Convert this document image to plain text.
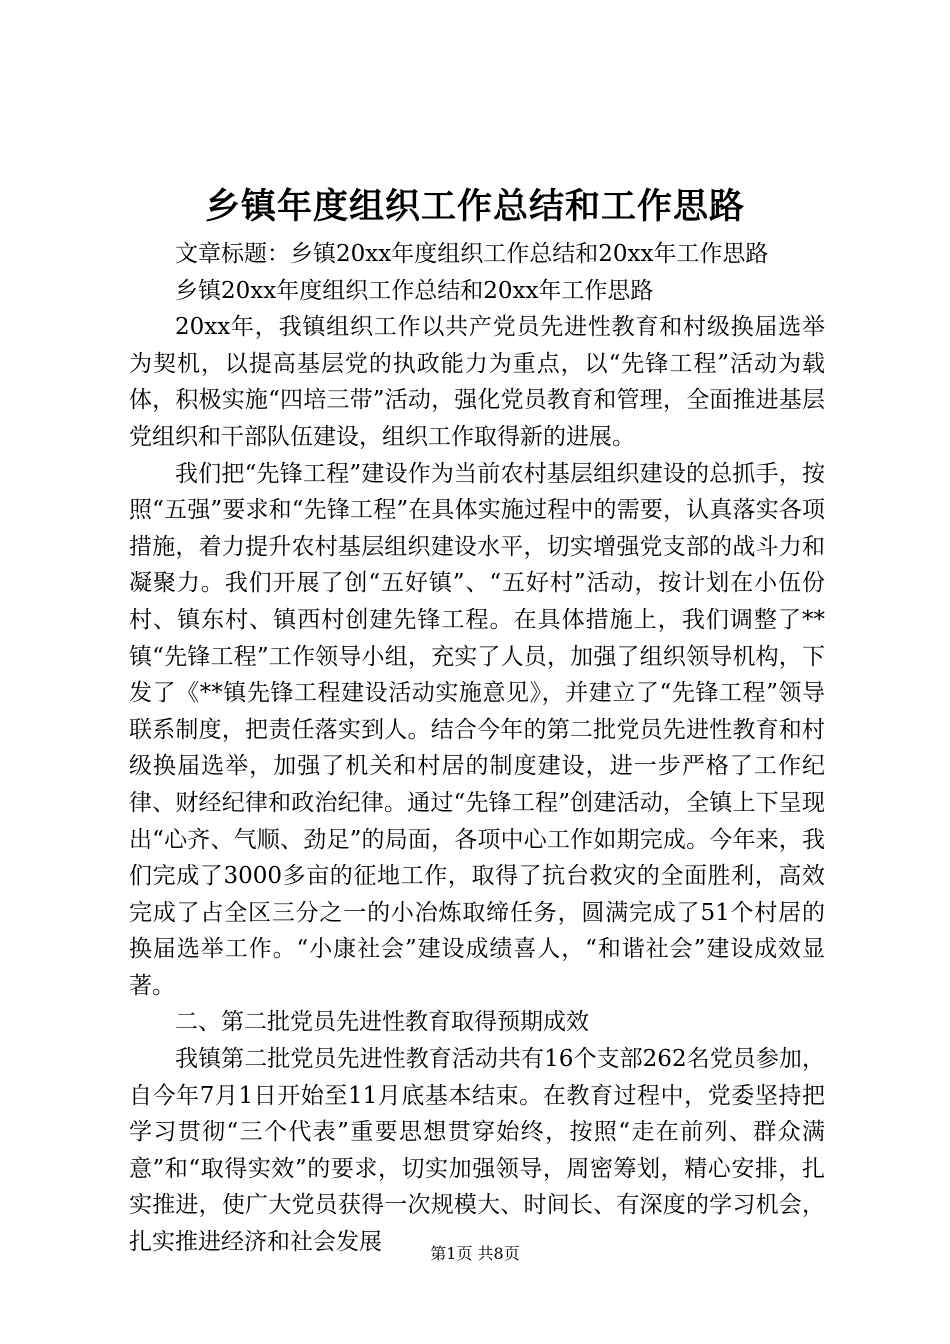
乡镇年度组织工作总结和工作思路

文章标题：乡镇20xx年度组织工作总结和20xx年工作思路

乡镇20xx年度组织工作总结和20xx年工作思路

20xx年，我镇组织工作以共产党员先进性教育和村级换届选举为契机，以提高基层党的执政能力为重点，以“先锋工程”活动为载体，积极实施“四培三带”活动，强化党员教育和管理，全面推进基层党组织和干部队伍建设，组织工作取得新的进展。

我们把“先锋工程”建设作为当前农村基层组织建设的总抓手，按照“五强”要求和“先锋工程”在具体实施过程中的需要，认真落实各项措施，着力提升农村基层组织建设水平，切实增强党支部的战斗力和凝聚力。我们开展了创“五好镇”、“五好村”活动，按计划在小伍份村、镇东村、镇西村创建先锋工程。在具体措施上，我们调整了**镇“先锋工程”工作领导小组，充实了人员，加强了组织领导机构，下发了《**镇先锋工程建设活动实施意见》，并建立了“先锋工程”领导联系制度，把责任落实到人。结合今年的第二批党员先进性教育和村级换届选举，加强了机关和村居的制度建设，进一步严格了工作纪律、财经纪律和政治纪律。通过“先锋工程”创建活动，全镇上下呈现出“心齐、气顺、劲足”的局面，各项中心工作如期完成。今年来，我们完成了3000多亩的征地工作，取得了抗台救灾的全面胜利，高效完成了占全区三分之一的小冶炼取缔任务，圆满完成了51个村居的换届选举工作。“小康社会”建设成绩喜人，“和谐社会”建设成效显著。

二、第二批党员先进性教育取得预期成效

我镇第二批党员先进性教育活动共有16个支部262名党员参加，自今年7月1日开始至11月底基本结束。在教育过程中，党委坚持把学习贯彻“三个代表”重要思想贯穿始终，按照“走在前列、群众满意”和“取得实效”的要求，切实加强领导，周密筹划，精心安排，扎实推进，使广大党员获得一次规模大、时间长、有深度的学习机会，扎实推进经济和社会发展	第1页 共8页
